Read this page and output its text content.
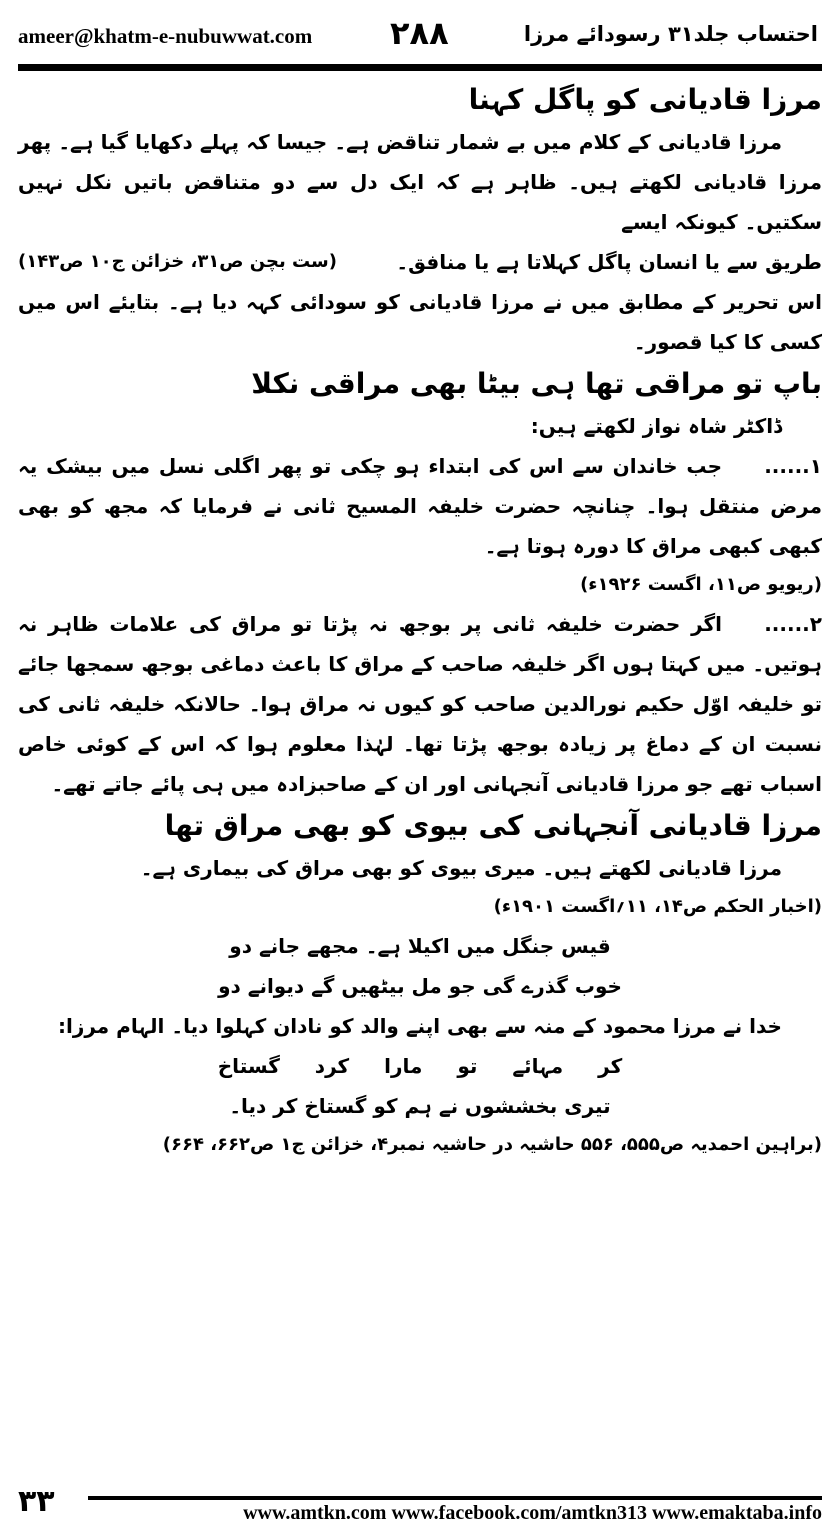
ameer@khatm-e-nubuwwat.com ۲۸۸	احتساب جلد۳۱ رسودائے مرزا

مرزا قادیانی کو پاگل کہنا

مرزا قادیانی کے کلام میں بے شمار تناقض ہے۔ جیسا کہ پہلے دکھایا گیا ہے۔ پھر مرزا قادیانی لکھتے ہیں۔ ظاہر ہے کہ ایک دل سے دو متناقض باتیں نکل نہیں سکتیں۔ کیونکہ ایسے

طریق سے یا انسان پاگل کہلاتا ہے یا منافق۔
(ست بچن ص۳۱، خزائن ج۱۰ ص۱۴۳)

اس تحریر کے مطابق میں نے مرزا قادیانی کو سودائی کہہ دیا ہے۔ بتایئے اس میں کسی کا کیا قصور۔

باپ تو مراقی تھا ہی بیٹا بھی مراقی نکلا

ڈاکٹر شاہ نواز لکھتے ہیں:

۱......جب خاندان سے اس کی ابتداء ہو چکی تو پھر اگلی نسل میں بیشک یہ مرض منتقل ہوا۔ چنانچہ حضرت خلیفہ المسیح ثانی نے فرمایا کہ مجھ کو بھی کبھی کبھی مراق کا دورہ ہوتا ہے۔

(ریویو ص۱۱، اگست ۱۹۲۶ء)

۲......اگر حضرت خلیفہ ثانی پر بوجھ نہ پڑتا تو مراق کی علامات ظاہر نہ ہوتیں۔ میں کہتا ہوں اگر خلیفہ صاحب کے مراق کا باعث دماغی بوجھ سمجھا جائے تو خلیفہ اوّل حکیم نورالدین صاحب کو کیوں نہ مراق ہوا۔ حالانکہ خلیفہ ثانی کی نسبت ان کے دماغ پر زیادہ بوجھ پڑتا تھا۔ لہٰذا معلوم ہوا کہ اس کے کوئی خاص اسباب تھے جو مرزا قادیانی آنجہانی اور ان کے صاحبزادہ میں ہی پائے جاتے تھے۔

مرزا قادیانی آنجہانی کی بیوی کو بھی مراق تھا

مرزا قادیانی لکھتے ہیں۔ میری بیوی کو بھی مراق کی بیماری ہے۔

(اخبار الحکم ص۱۴، ۱۱؍اگست ۱۹۰۱ء)

قیس جنگل میں اکیلا ہے۔ مجھے جانے دو

خوب گذرے گی جو مل بیٹھیں گے دیوانے دو

خدا نے مرزا محمود کے منہ سے بھی اپنے والد کو نادان کہلوا دیا۔ الہام مرزا:

کر مہائے تو مارا کرد گستاخ

تیری بخششوں نے ہم کو گستاخ کر دیا۔

(براہین احمدیہ ص۵۵۵، ۵۵۶ حاشیہ در حاشیہ نمبر۴، خزائن ج۱ ص۶۶۲، ۶۶۴)

۳۳	www.amtkn.com www.facebook.com/amtkn313 www.emaktaba.info
